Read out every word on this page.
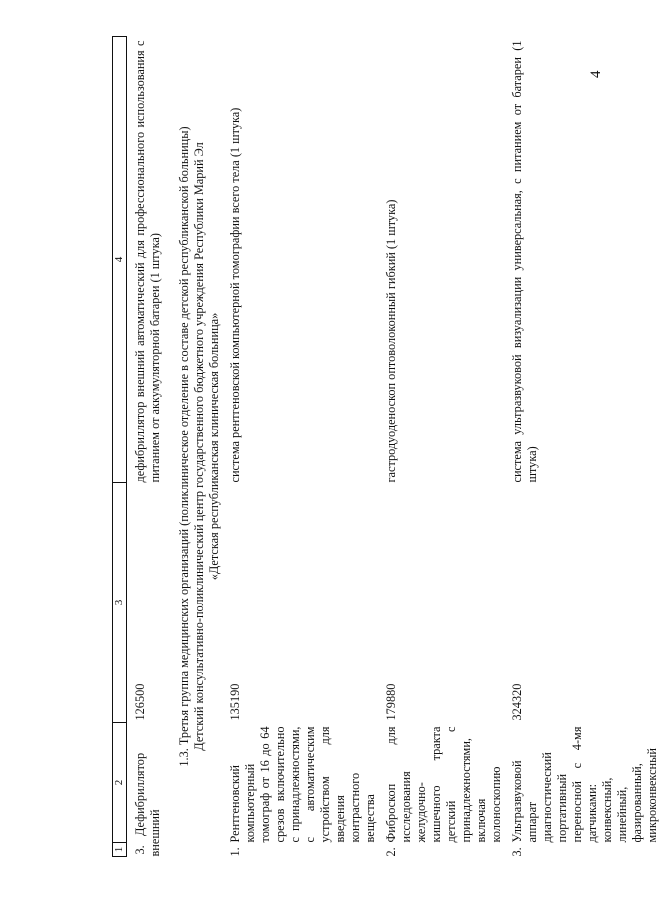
4
1	2	3	4
3.   Дефибриллятор внешний		126500	дефибриллятор внешний автоматический для профессионального использования с питанием от аккумуляторной батареи (1 штука)

1.3. Третья группа медицинских организаций (поликлиническое отделение в составе детской республиканской больницы) Детский консультативно-поликлинический центр государственного бюджетного учреждения Республики Марий Эл «Детская республиканская клиническая больница»			

1.	Рентгеновский компьютерный томограф от 16 до 64 срезов включительно с принадлежностями, с автоматическим устройством для введения контрастного вещества	135190	система рентгеновской компьютерной томографии всего тела (1 штука)
2.	Фиброскоп для исследования желудочно-кишечного тракта детский с принадлежностями, включая колоноскопию	179880	гастродуоденоскоп оптоволоконный гибкий (1 штука)
3.	Ультразвуковой аппарат диагностический портативный переносной с 4-мя датчиками: конвексный, линейный, фазированный, микроконвексный	324320	система ультразвуковой визуализации универсальная, с питанием от батареи (1 штука)
